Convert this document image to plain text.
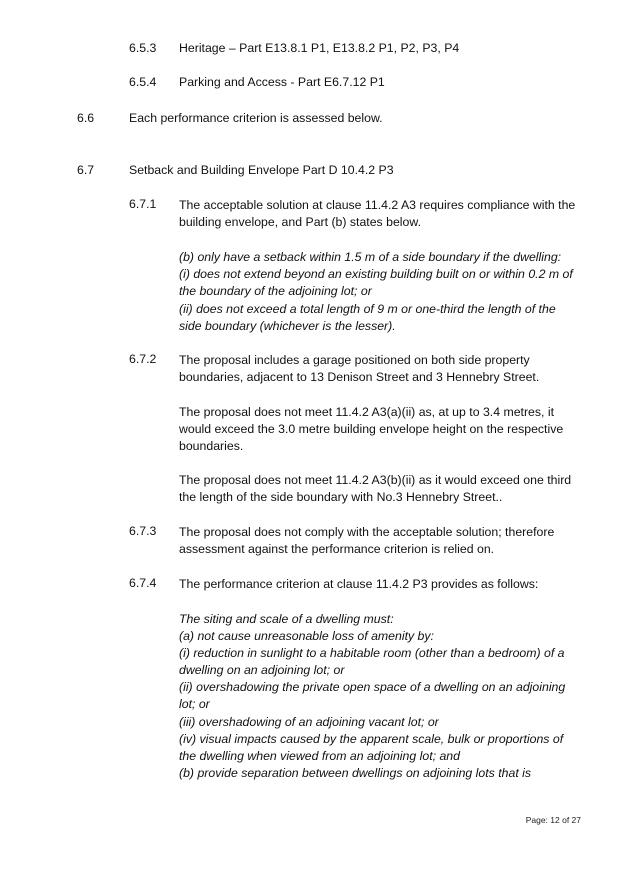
6.5.3 Heritage – Part E13.8.1 P1, E13.8.2 P1, P2, P3, P4
6.5.4 Parking and Access - Part E6.7.12 P1
6.6	Each performance criterion is assessed below.
6.7	Setback and Building Envelope Part D 10.4.2 P3
6.7.1 The acceptable solution at clause 11.4.2 A3 requires compliance with the
building envelope, and Part (b) states below.
(b) only have a setback within 1.5 m of a side boundary if the dwelling:
(i) does not extend beyond an existing building built on or within 0.2 m of
the boundary of the adjoining lot; or
(ii) does not exceed a total length of 9 m or one-third the length of the
side boundary (whichever is the lesser).
6.7.2 The proposal includes a garage positioned on both side property
boundaries, adjacent to 13 Denison Street and 3 Hennebry Street.
The proposal does not meet 11.4.2 A3(a)(ii) as, at up to 3.4 metres, it
would exceed the 3.0 metre building envelope height on the respective
boundaries.
The proposal does not meet 11.4.2 A3(b)(ii) as it would exceed one third
the length of the side boundary with No.3 Hennebry Street..
6.7.3 The proposal does not comply with the acceptable solution; therefore
assessment against the performance criterion is relied on.
6.7.4 The performance criterion at clause 11.4.2 P3 provides as follows:
The siting and scale of a dwelling must:
(a) not cause unreasonable loss of amenity by:
(i) reduction in sunlight to a habitable room (other than a bedroom) of a
dwelling on an adjoining lot; or
(ii) overshadowing the private open space of a dwelling on an adjoining
lot; or
(iii) overshadowing of an adjoining vacant lot; or
(iv) visual impacts caused by the apparent scale, bulk or proportions of
the dwelling when viewed from an adjoining lot; and
(b) provide separation between dwellings on adjoining lots that is
Page: 12 of 27
